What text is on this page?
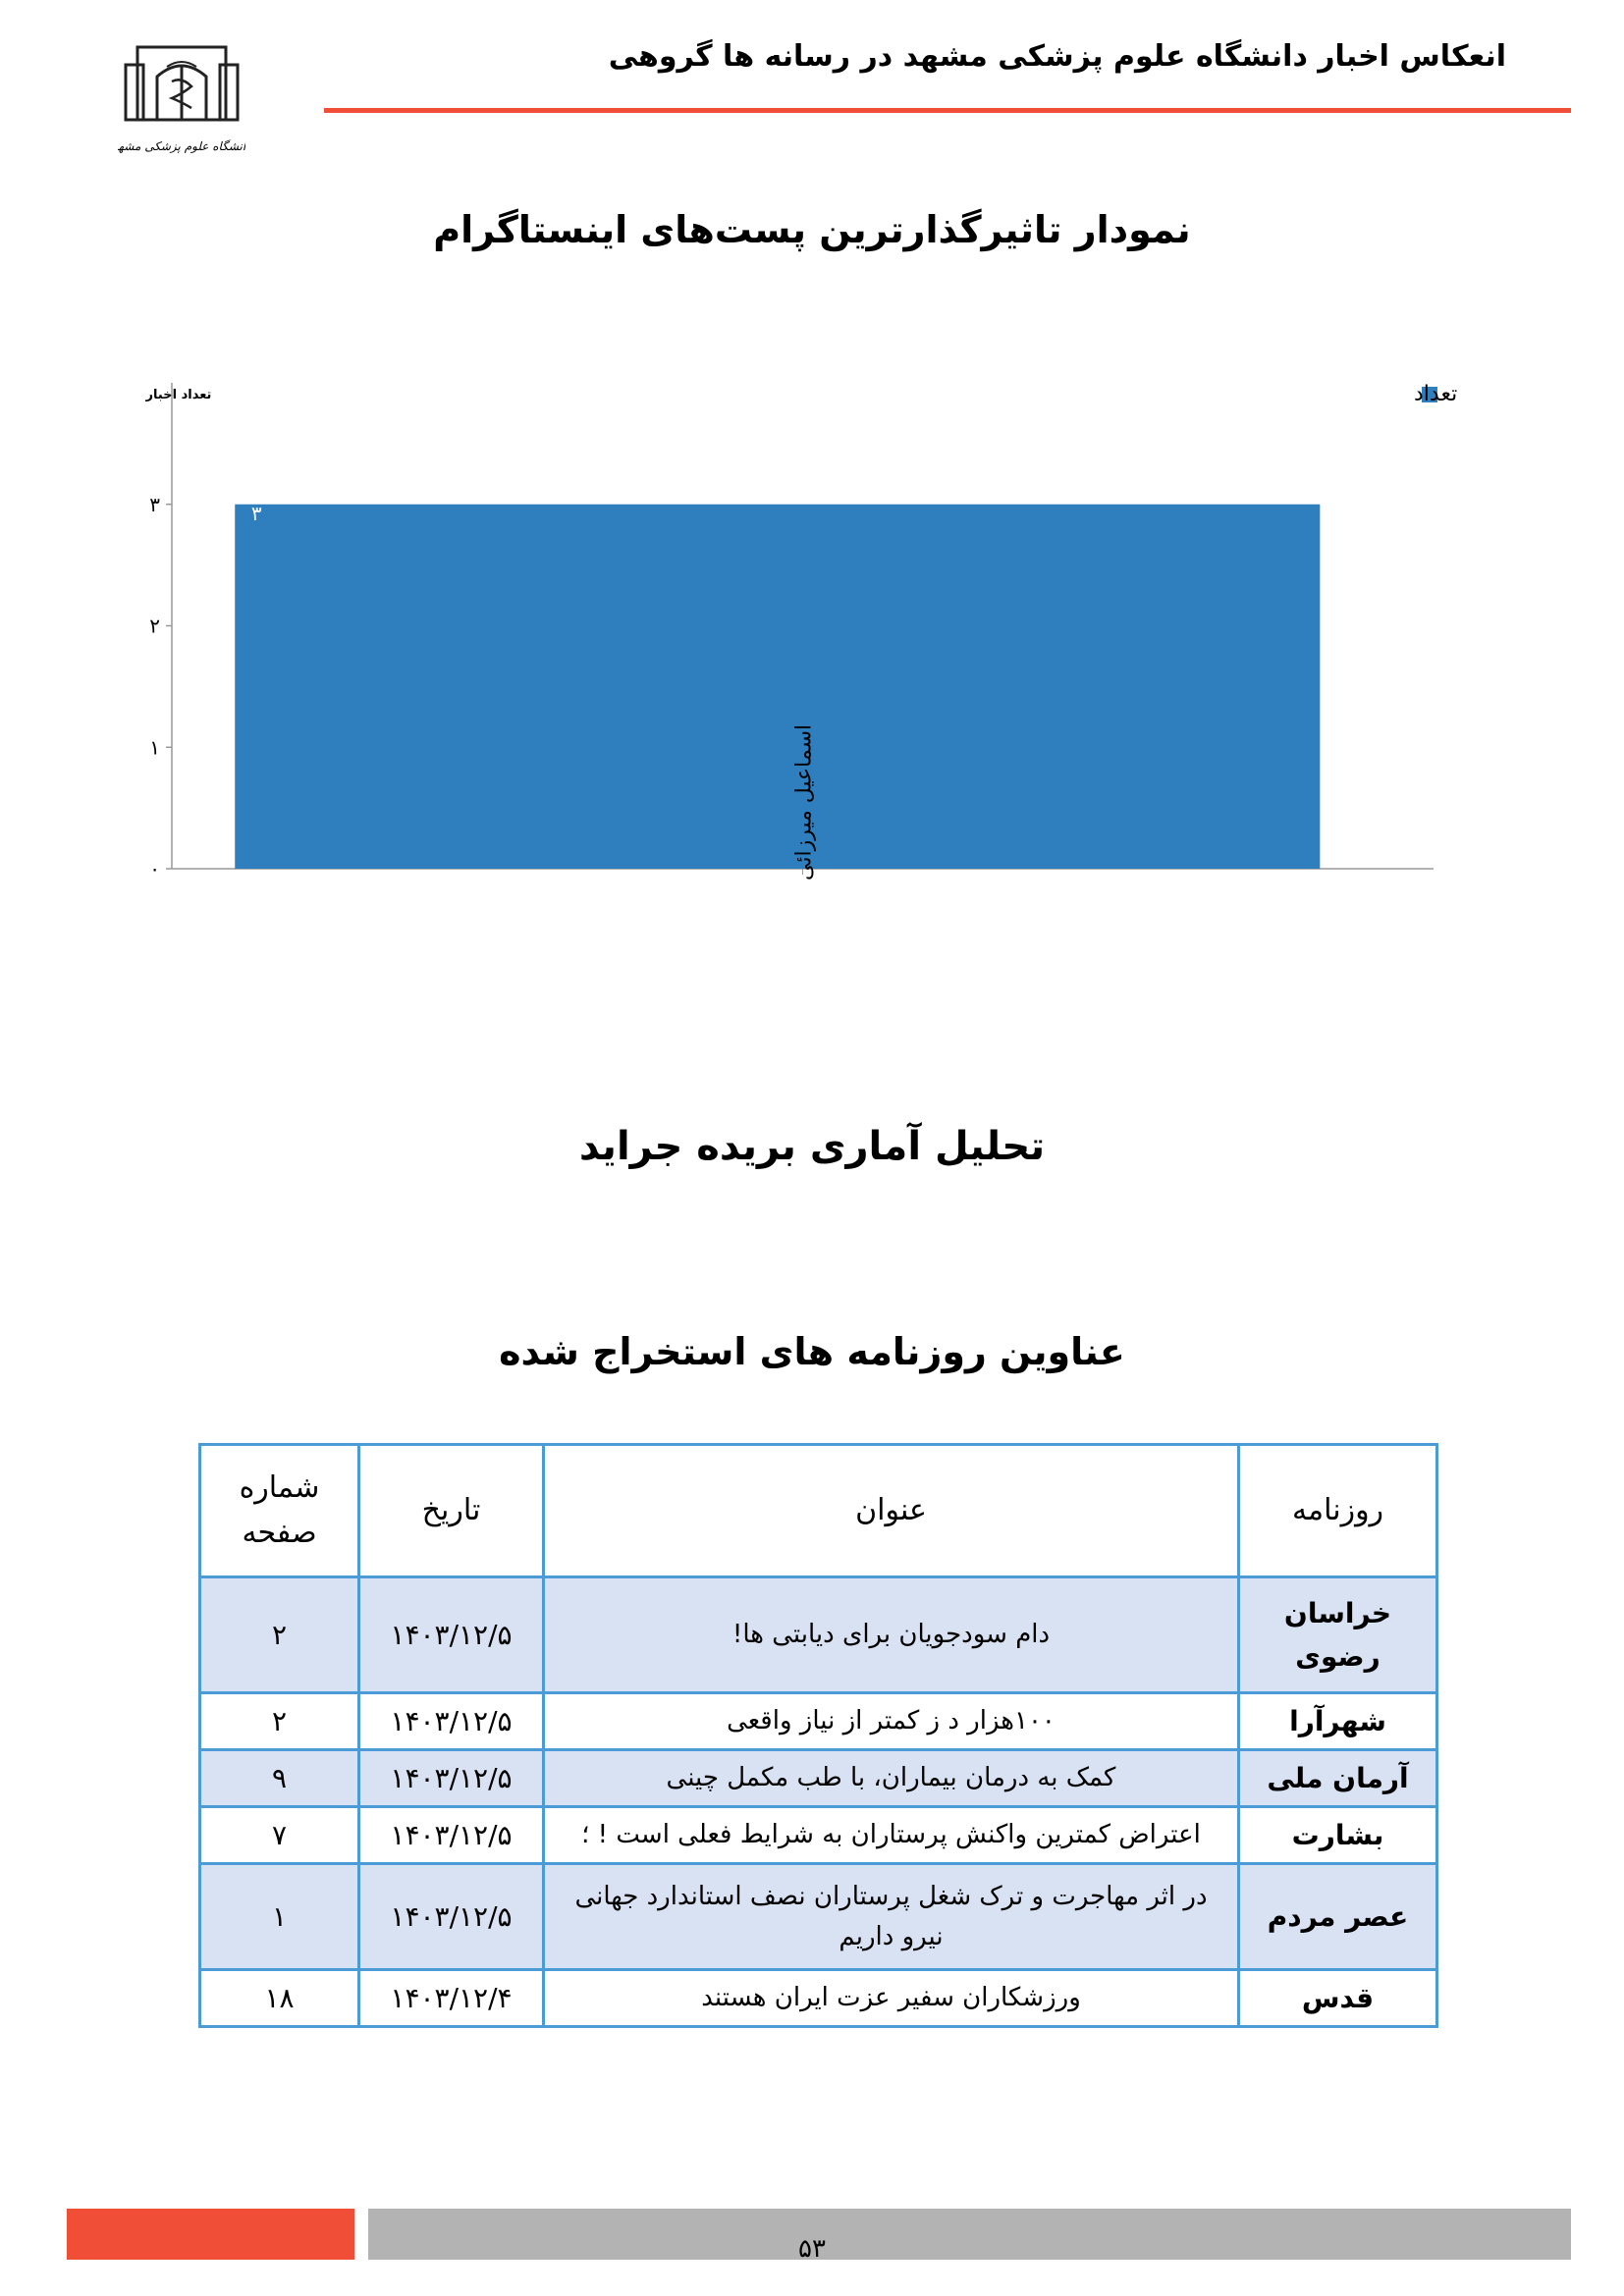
دانشگاه علوم پزشکی مشهد
انعکاس اخبار دانشگاه علوم پزشکی مشهد در رسانه ها گروهی
نمودار تاثیرگذارترین پست‌های اینستاگرام
تعداد
تعداد اخبار
۰
۱
۲
۳	۳
اسماعیل میرزائی
تحلیل آماری بریده جراید
عناوین روزنامه های استخراج شده
روزنامه	عنوان	تاریخ	شماره صفحه
خراسان رضوی	دام سودجویان برای دیابتی ها!	۱۴۰۳/۱۲/۵	۲
شهرآرا	۱۰۰هزار د ز کمتر از نیاز واقعی	۱۴۰۳/۱۲/۵	۲
آرمان ملی	کمک به درمان بیماران، با طب مکمل چینی	۱۴۰۳/۱۲/۵	۹
بشارت	اعتراض کمترین واکنش پرستاران به شرایط فعلی است ! ؛	۱۴۰۳/۱۲/۵	۷
عصر مردم	در اثر مهاجرت و ترک شغل پرستاران نصف استاندارد جهانی نیرو داریم	۱۴۰۳/۱۲/۵	۱
قدس	ورزشکاران سفیر عزت ایران هستند	۱۴۰۳/۱۲/۴	۱۸
۵۳
